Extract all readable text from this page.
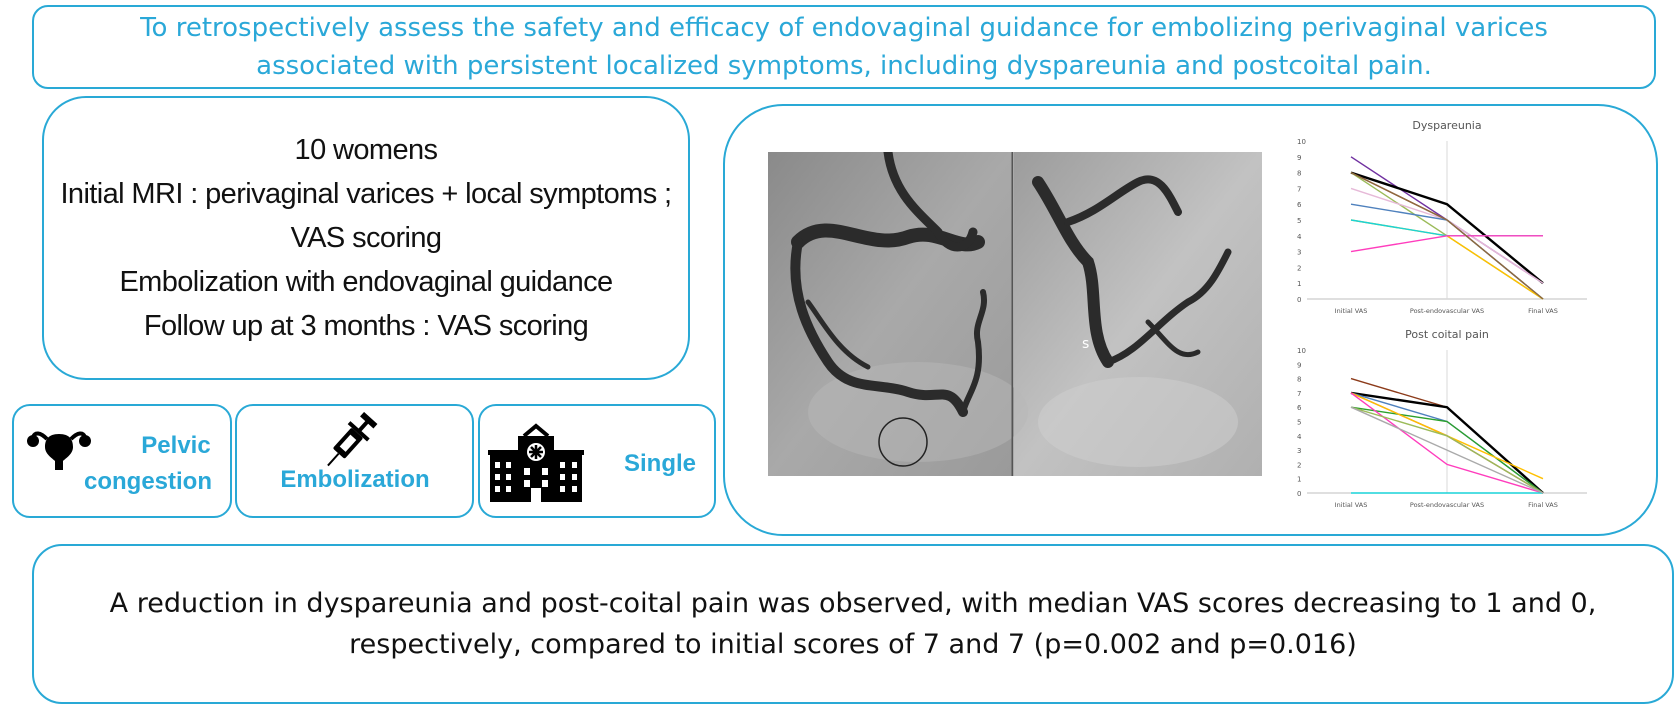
To retrospectively assess the safety and efficacy of endovaginal guidance for embolizing perivaginal varices
associated with persistent localized symptoms, including dyspareunia and postcoital pain.
10 womens
Initial MRI : perivaginal varices + local symptoms ;
VAS scoring
Embolization with endovaginal guidance
Follow up at 3 months : VAS scoring
Pelvic
congestion	Embolization
Single
s
Dyspareunia
0
1
2
3
4
5
6
7
8
9
10
Initial VAS	Post-endovascular VAS	Final VAS
Post coital pain
0
1
2
3
4
5
6
7
8
9
10
Initial VAS	Post-endovascular VAS	Final VAS
A reduction in dyspareunia and post-coital pain was observed, with median VAS scores decreasing to 1 and 0,
respectively, compared to initial scores of 7 and 7 (p=0.002 and p=0.016)
